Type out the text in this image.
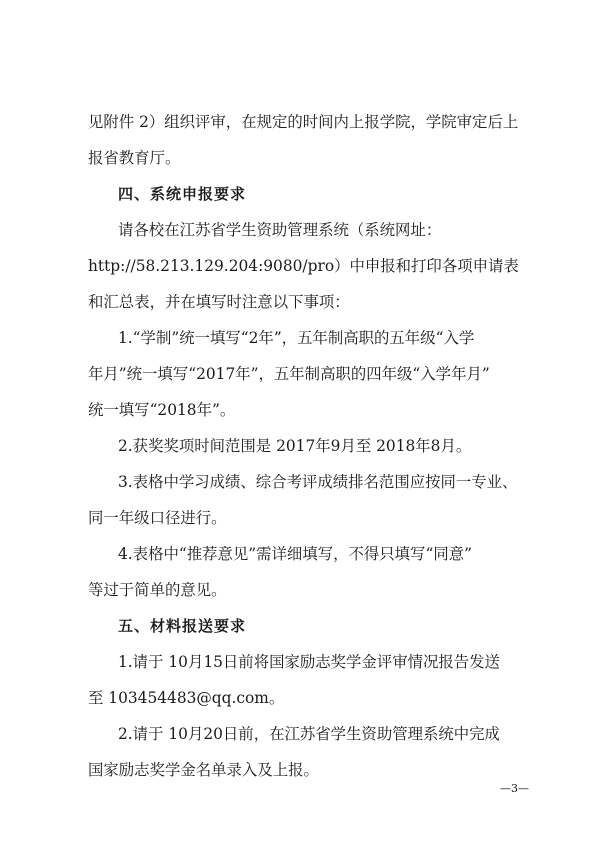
见附件 2）组织评审，在规定的时间内上报学院，学院审定后上
报省教育厅。
四、系统申报要求
请各校在江苏省学生资助管理系统（系统网址：
http://58.213.129.204:9080/pro）中申报和打印各项申请表
和汇总表，并在填写时注意以下事项：
1.“学制”统一填写“2年”，五年制高职的五年级“入学
年月”统一填写“2017年”，五年制高职的四年级“入学年月”
统一填写“2018年”。
2.获奖奖项时间范围是 2017年9月至 2018年8月。
3.表格中学习成绩、综合考评成绩排名范围应按同一专业、
同一年级口径进行。
4.表格中“推荐意见”需详细填写，不得只填写“同意”
等过于简单的意见。
五、材料报送要求
1.请于 10月15日前将国家励志奖学金评审情况报告发送
至 103454483@qq.com。
2.请于 10月20日前，在江苏省学生资助管理系统中完成
国家励志奖学金名单录入及上报。
—3—
